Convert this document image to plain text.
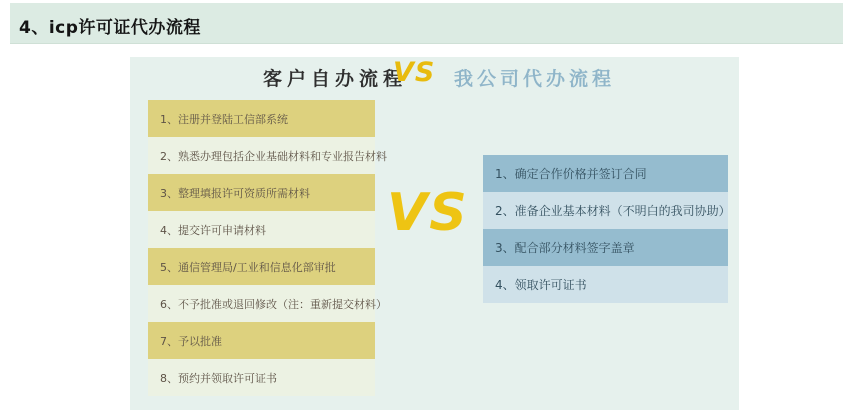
4、icp许可证代办流程
客户自办流程
VS 我公司代办流程
1、注册并登陆工信部系统
2、熟悉办理包括企业基础材料和专业报告材料
3、整理填报许可资质所需材料
4、提交许可申请材料
5、通信管理局/工业和信息化部审批
6、不予批准或退回修改（注：重新提交材料）
7、予以批准
8、预约并领取许可证书
VS
1、确定合作价格并签订合同
2、准备企业基本材料（不明白的我司协助）
3、配合部分材料签字盖章
4、领取许可证书
